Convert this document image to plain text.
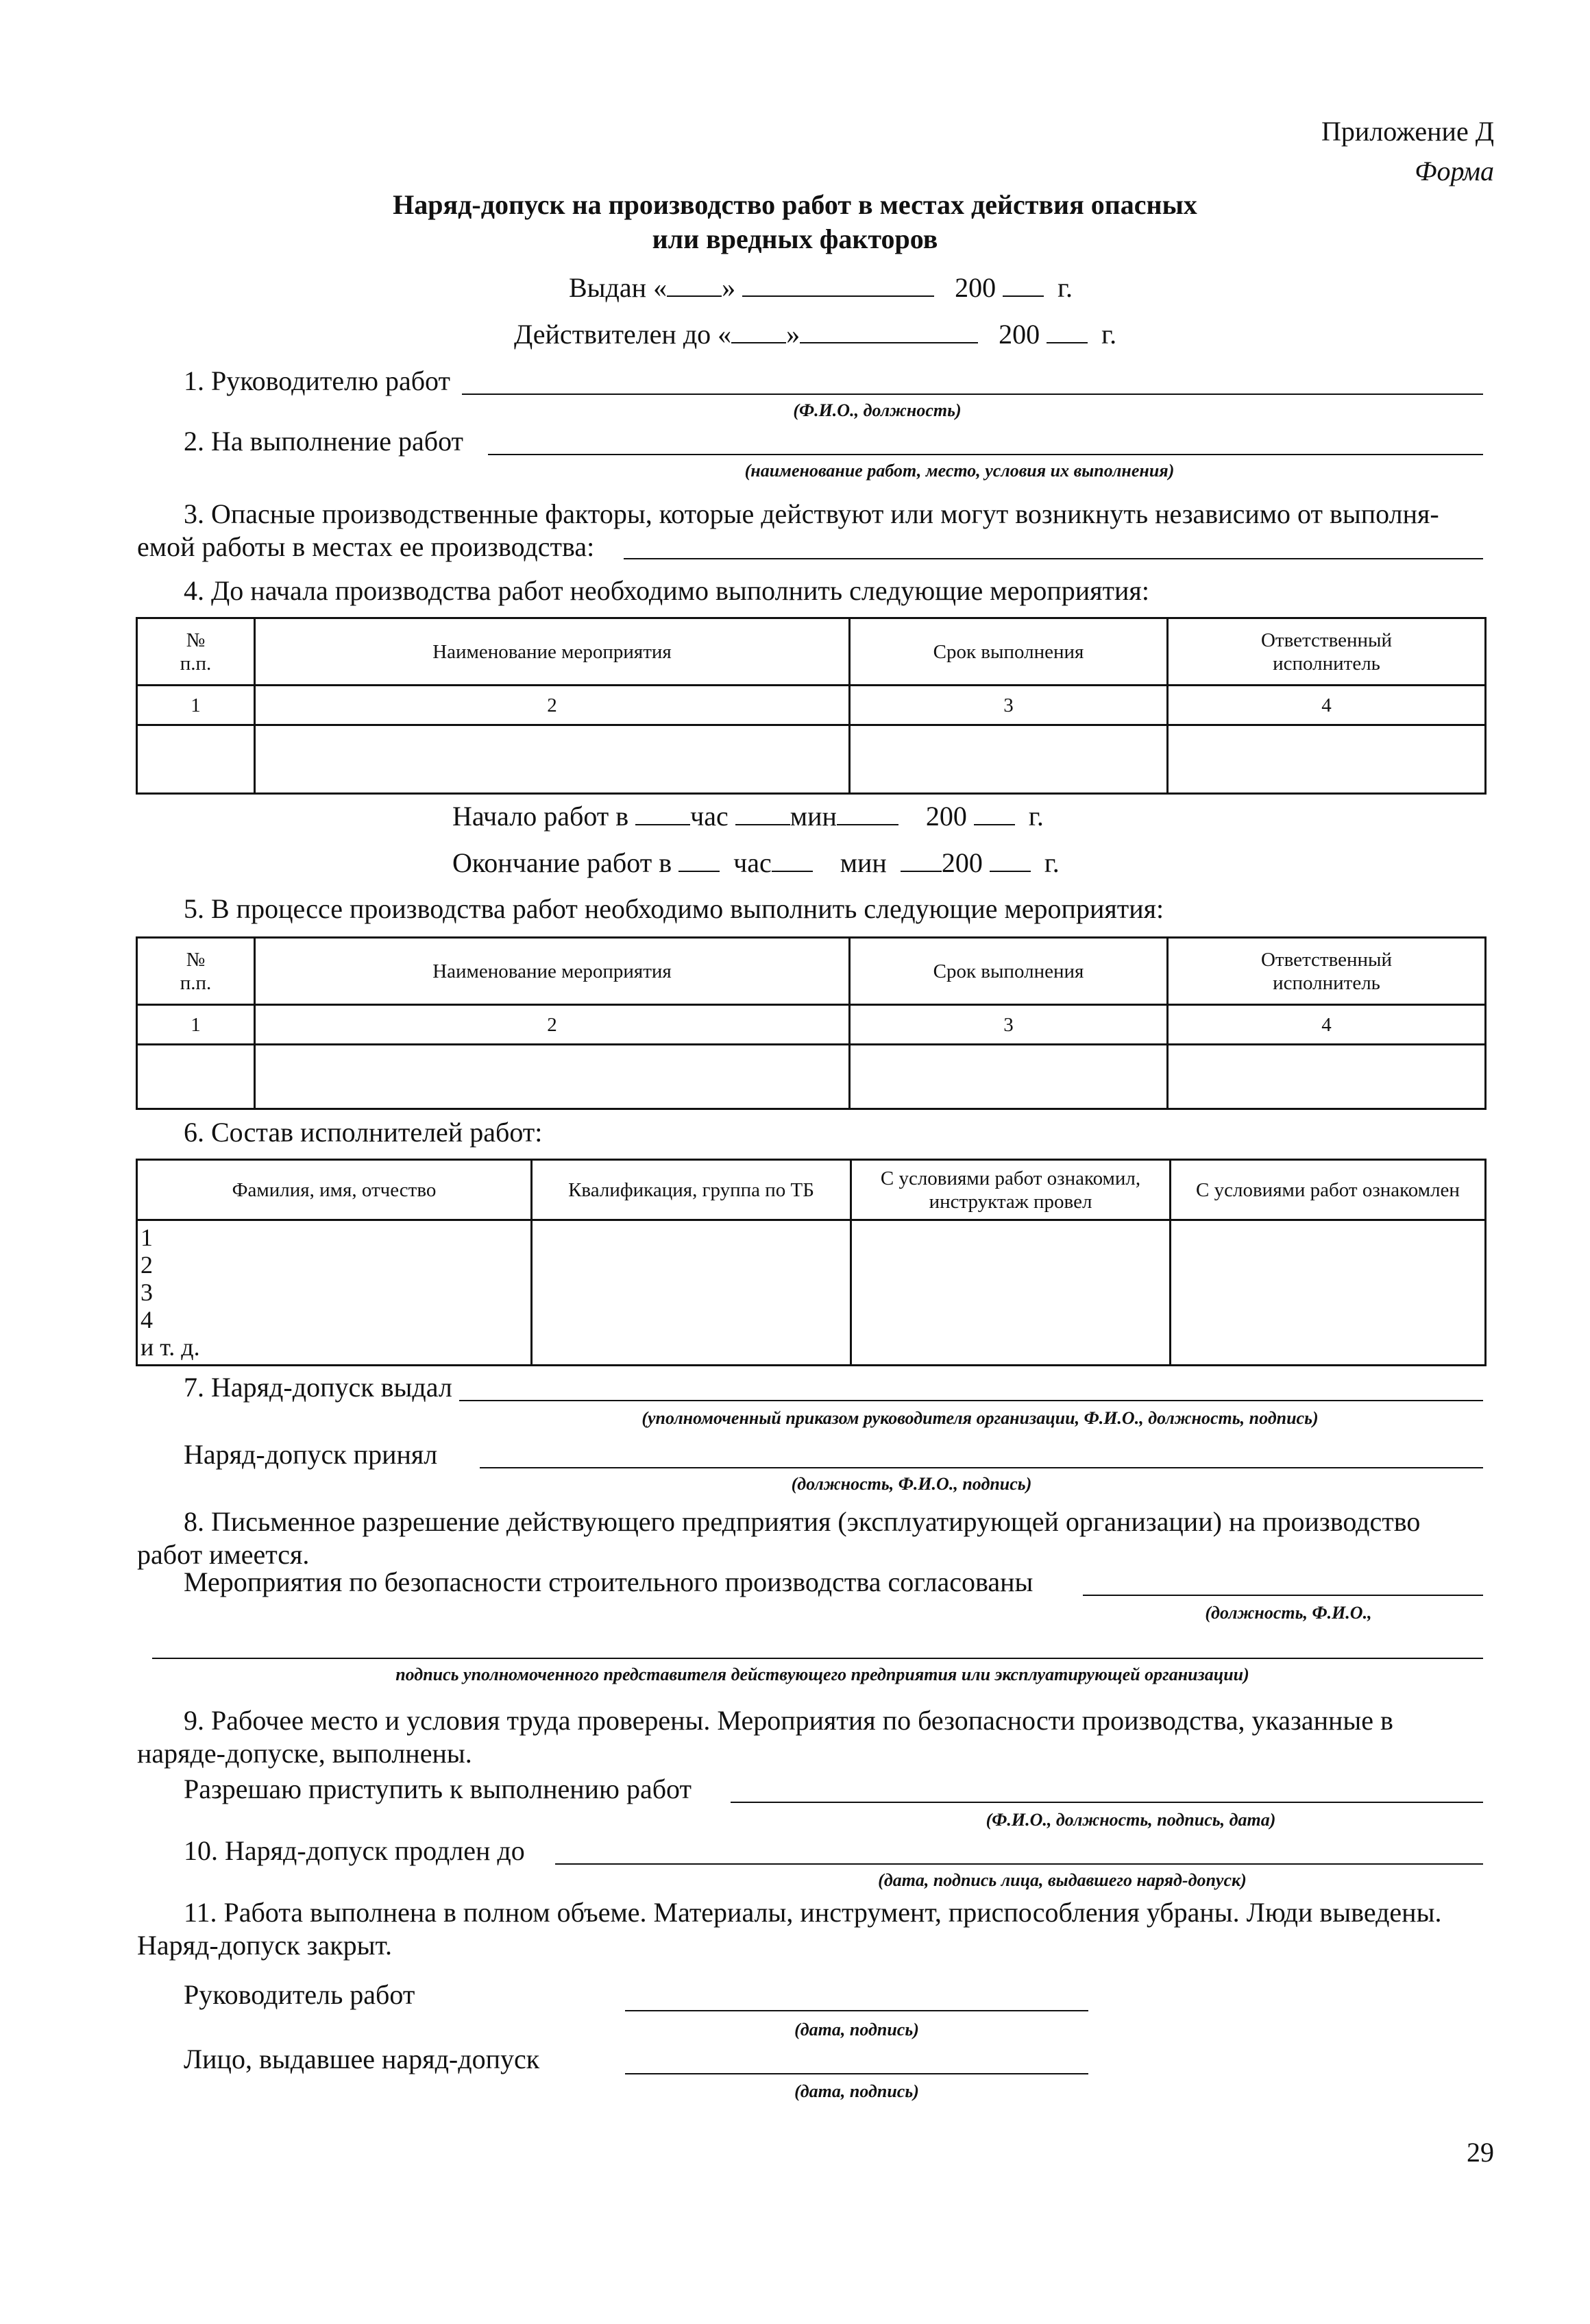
Приложение Д
Форма
Наряд-допуск на производство работ в местах действия опасных
или вредных факторов
Выдан « »	200 г.
Действителен до « »	200 г.
1. Руководителю работ
(Ф.И.О., должность)
2. На выполнение работ
(наименование работ, место, условия их выполнения)
3. Опасные производственные факторы, которые действуют или могут возникнуть независимо от выполня-
емой работы в местах ее производства:
4. До начала производства работ необходимо выполнить следующие мероприятия:
№
п.п.	Наименование мероприятия	Срок выполнения	Ответственный
исполнитель
1	2	3	4

Начало работ в час мин	200 г.
Окончание работ в час	мин 200 г.
5. В процессе производства работ необходимо выполнить следующие мероприятия:
№
п.п.	Наименование мероприятия	Срок выполнения	Ответственный
исполнитель
1	2	3	4

6. Состав исполнителей работ:
Фамилия, имя, отчество	Квалификация, группа по ТБ	С условиями работ ознакомил,
инструктаж провел	С условиями работ ознакомлен

1
2
3
4
и т. д.			

7. Наряд-допуск выдал
(уполномоченный приказом руководителя организации, Ф.И.О., должность, подпись)
Наряд-допуск принял
(должность, Ф.И.О., подпись)
8. Письменное разрешение действующего предприятия (эксплуатирующей организации) на производство
работ имеется.
Мероприятия по безопасности строительного производства согласованы
(должность, Ф.И.О.,
подпись уполномоченного представителя действующего предприятия или эксплуатирующей организации)
9. Рабочее место и условия труда проверены. Мероприятия по безопасности производства, указанные в
наряде-допуске, выполнены.
Разрешаю приступить к выполнению работ
(Ф.И.О., должность, подпись, дата)
10. Наряд-допуск продлен до
(дата, подпись лица, выдавшего наряд-допуск)
11. Работа выполнена в полном объеме. Материалы, инструмент, приспособления убраны. Люди выведены.
Наряд-допуск закрыт.
Руководитель работ
(дата, подпись)
Лицо, выдавшее наряд-допуск
(дата, подпись)
29
